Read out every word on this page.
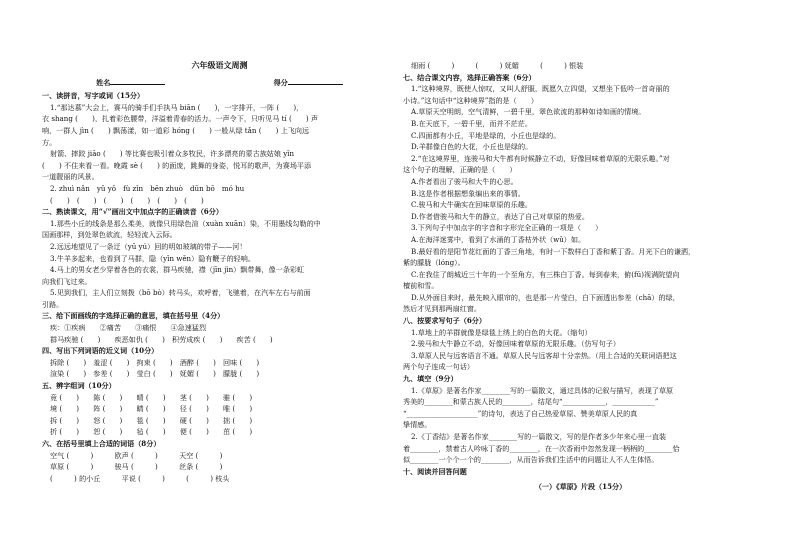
细雨 (　　　)　　　(　　　) 妩媚　　　(　　　) 银装
七、结合课文内容，选择正确答案（6分）
1.“这种境界，既使人惊叹，又叫人舒服，既愿久立四望，又想坐下低吟一首奇丽的
小诗。”这句话中“这种境界”指的是（　　）
A.草原天空明朗，空气清鲜，一碧千里，翠色欲流的那种如诗如画的情境。
B.在天底下，一碧千里，而并不茫茫。
C.四面都有小丘，平地是绿的，小丘也是绿的。
D.羊群像白色的大花，小丘也是绿的。
2.“在这境界里，连骏马和大牛都有时候静立不动，好像回味着草原的无限乐趣。”对
这个句子的理解，正确的是（　　）
A.作者看出了骏马和大牛的心思。
B.这是作者根据想象编出来的事情。
C.骏马和大牛确实在回味草原的乐趣。
D.作者借骏马和大牛的静立，表达了自己对草原的热爱。
3.下列句子中加点字的字音和字形完全正确的一项是（　　）
A.在海洋迷雾中，看到了水涌的丁香枯外状（wǔ）如。
B.最好看的是阳节花红面的丁香三角地，有时一下数样白丁香和紫丁香。月光下白的谦洒，
紫的朦胧（lóng）。
C.在我住了朗城近三十年的一个至角方，有三株白丁香。每到春来，俯(fǔ)视满院望向
檀前和雪。
D.从外面目来时，最先映入眼帘的，也是那一片莹白，白下面透出参差（chā）的绿，
然后才见到那两扇红窗。
八、按要求写句子（6分）
1.草地上的羊群就像是绿毯上绣上的白色的大花。（缩句）
2.骏马和大牛静立不动，好像回味着草原的无限乐趣。（仿写句子）
3.草原人民与远客语言不通。草原人民与远客却十分亲热。（用上合适的关联词语把这
两个句子连成一句话）
九、填空（9分）
1.《草原》是著名作家________写的一篇散文，通过具体的记叙与描写，表现了草原
秀美的________和蒙古族人民的________，结尾句“____________，____________”
“____________________”的诗句，表达了自己热爱草原、赞美草原人民的真
挚情感。
2.《丁香结》是著名作家________写的一篇散文，写的是作者多少年来心里一直装
着________，禁着古人吟咏丁香的________，在一次香雨中忽然发现一柄柄的________恰
似________一个个一个的________，从而告诉我们生活中的问题让人不人生体悟。
十、阅读并回答问题
（一）《草原》片段（15分）
六年级语文周测
姓名	得分
一、读拼音，写字或词（15分）
1.“那达慕”大会上，赛马的骑手们手执马 biān (　　)，一字排开，一阵 (　　)，
衣 shang (　　)，扎着彩色腰带，洋溢着青春的活力。一声令下，只听见马 tí (　　) 声
响，一群人 jìn (　　) 飘荡漾，如一道彩 hóng (　　) 一般从绿 tǎn (　　) 上飞向远
方。
射箭、摔跤 jiāo (　　) 等比赛也吸引着众多牧民，许多漂亮的蒙古族姑娘 yǐn
(　　) 不住来看一看。晚霞 sè (　　) 的面庞，跳舞的身姿，悦耳的歌声，为赛场平添
一道靓丽的风景。
2. zhuì nǎn　yǔ yǒ　fù zǐn　bēn zhuò　dūn bō　mó hu
(　　)　(　　)　(　　)　(　　)　(　　)　(　　)
二、熟读课文，用“√”画出文中加点字的正确读音（6分）
1.那些小丘的线条是那么柔美，就像只用绿色渲（xuàn xuān）染，不用墨线勾勒的中
国画那样，到处翠色欲流，轻轻流入云际。
2.远远地望见了一条迂（yū yú）回的明如玻璃的带子——河！
3.牛羊多起来，也看到了马群，隐（yǐn wěn）隐有鞭子的轻响。
4.马上的男女老少穿着各色的衣裳，群马疾驰，襟（jīn jìn）飘带舞，像一条彩虹
向我们飞过来。
5.见到我们，主人们立刻拨（bō bò）转马头，欢呼着，飞驰着，在汽车左右与前面
引路。
三、给下面画线的字选择正确的意思，填在括号里（4分）
疾：①疾病　　②痛苦　　③痛恨　　④急速猛烈
群马疾驰 (　　)　　疾恶如仇 (　　)　积劳成疾 (　　)　　疾苦 (　　)
四、写出下列词语的近义词（10分）
拆除 (　　)　羞涩 (　　)　拘束 (　　)　酒醉 (　　)　回味 (　　)
渲染 (　　)　参差 (　　)　莹白 (　　)　妩媚 (　　)　朦胧 (　　)
五、辨字组词（10分）
竟 (　　)　　陈 (　　)　　晴 (　　)　　茎 (　　)　　骓 (　　)
境 (　　)　　阵 (　　)　　睛 (　　)　　径 (　　)　　唯 (　　)
拆 (　　)　　怒 (　　)　　毯 (　　)　　硬 (　　)　　拙 (　　)
折 (　　)　　恕 (　　)　　毡 (　　)　　便 (　　)　　茁 (　　)
六、在括号里填上合适的词语（8分）
空气 (　　　)　　　欧声 (　　　)　　　天空 (　　　)
草原 (　　　)　　　骏马 (　　　)　　　丝条 (　　　)
(　　　) 的小丘　　　平说 (　　　)　　　(　　　) 枝头
